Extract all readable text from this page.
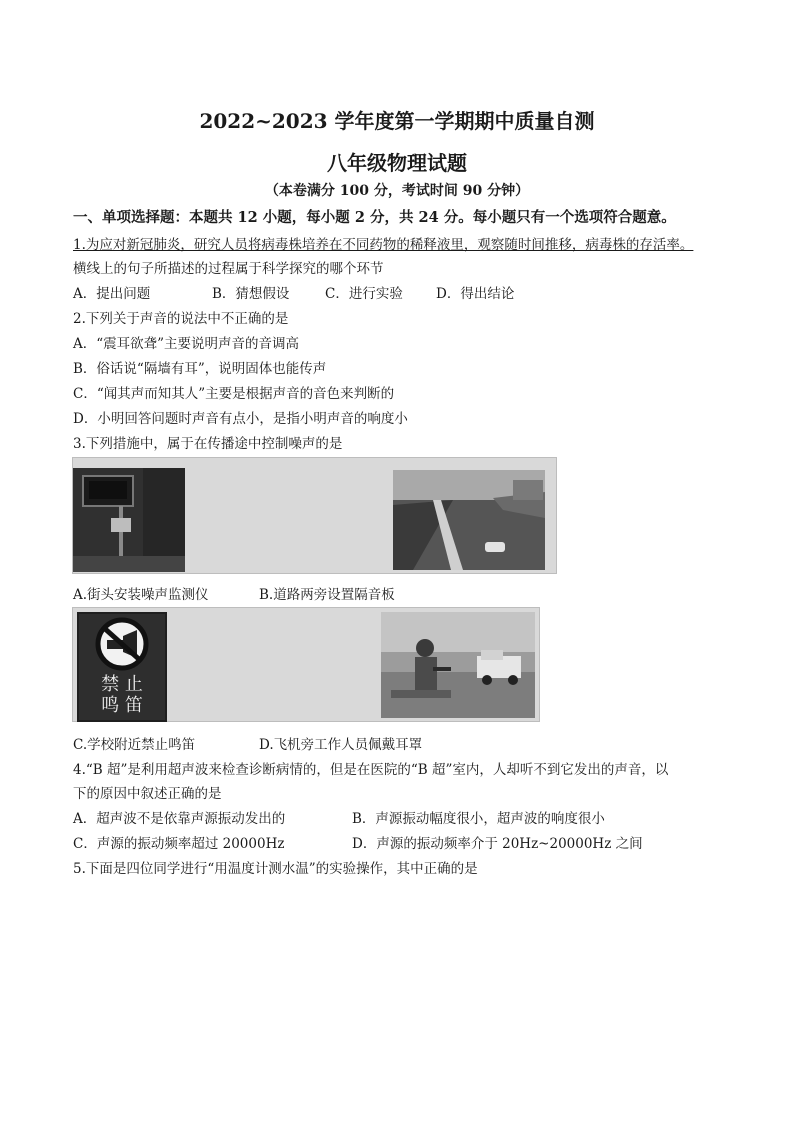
2022~2023 学年度第一学期期中质量自测
八年级物理试题
（本卷满分 100 分，考试时间 90 分钟）
一、单项选择题：本题共 12 小题，每小题 2 分，共 24 分。每小题只有一个选项符合题意。
1.为应对新冠肺炎，研究人员将病毒株培养在不同药物的稀释液里，观察随时间推移，病毒株的存活率。
横线上的句子所描述的过程属于科学探究的哪个环节
A．提出问题	B．猜想假设	C．进行实验 D．得出结论
2.下列关于声音的说法中不正确的是
A．“震耳欲聋”主要说明声音的音调高
B．俗话说“隔墙有耳”，说明固体也能传声
C．“闻其声而知其人”主要是根据声音的音色来判断的
D．小明回答问题时声音有点小，是指小明声音的响度小
3.下列措施中，属于在传播途中控制噪声的是
A.街头安装噪声监测仪	B.道路两旁设置隔音板
禁 止
鸣 笛
C.学校附近禁止鸣笛	D.飞机旁工作人员佩戴耳罩
4.“B 超”是利用超声波来检查诊断病情的，但是在医院的“B 超”室内，人却听不到它发出的声音，以
下的原因中叙述正确的是
A．超声波不是依靠声源振动发出的	B．声源振动幅度很小，超声波的响度很小
C．声源的振动频率超过 20000Hz	D．声源的振动频率介于 20Hz~20000Hz 之间
5.下面是四位同学进行“用温度计测水温”的实验操作，其中正确的是
